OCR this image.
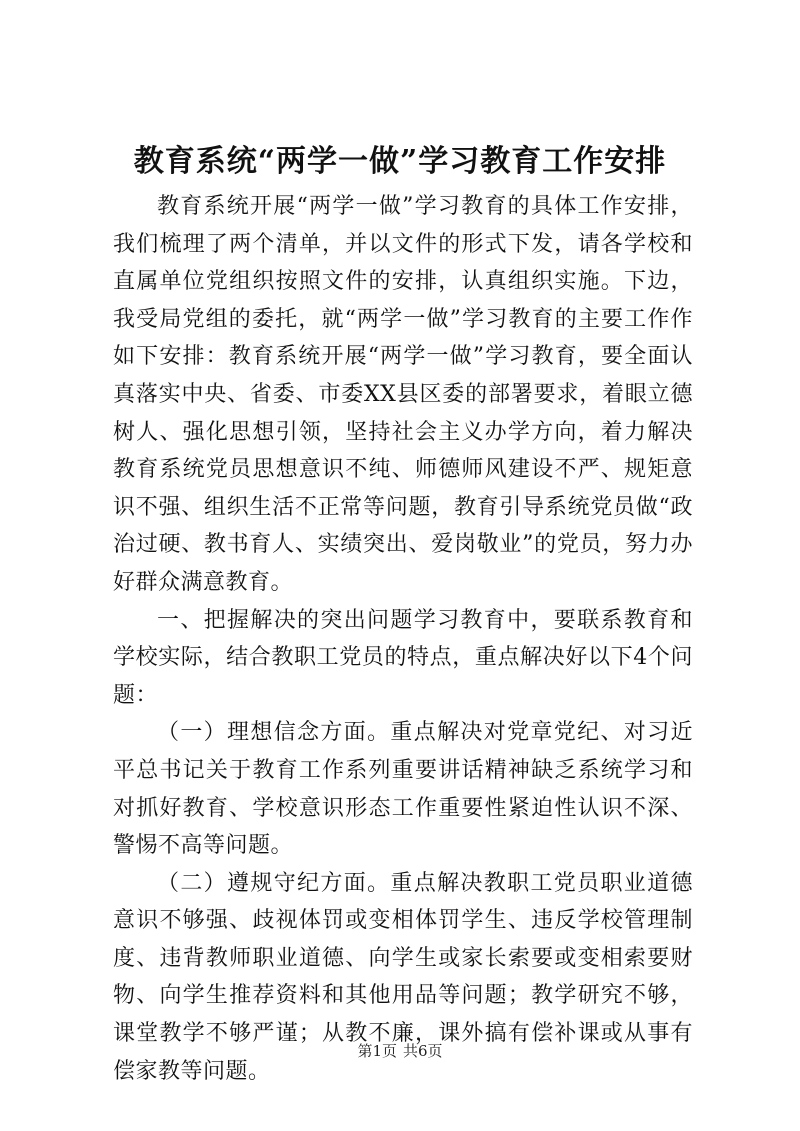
教育系统“两学一做”学习教育工作安排

教育系统开展“两学一做”学习教育的具体工作安排，我们梳理了两个清单，并以文件的形式下发，请各学校和直属单位党组织按照文件的安排，认真组织实施。下边，我受局党组的委托，就“两学一做”学习教育的主要工作作如下安排：教育系统开展“两学一做”学习教育，要全面认真落实中央、省委、市委XX县区委的部署要求，着眼立德树人、强化思想引领，坚持社会主义办学方向，着力解决教育系统党员思想意识不纯、师德师风建设不严、规矩意识不强、组织生活不正常等问题，教育引导系统党员做“政治过硬、教书育人、实绩突出、爱岗敬业”的党员，努力办好群众满意教育。

一、把握解决的突出问题学习教育中，要联系教育和学校实际，结合教职工党员的特点，重点解决好以下4个问题：

（一）理想信念方面。重点解决对党章党纪、对习近平总书记关于教育工作系列重要讲话精神缺乏系统学习和对抓好教育、学校意识形态工作重要性紧迫性认识不深、警惕不高等问题。

（二）遵规守纪方面。重点解决教职工党员职业道德意识不够强、歧视体罚或变相体罚学生、违反学校管理制度、违背教师职业道德、向学生或家长索要或变相索要财物、向学生推荐资料和其他用品等问题；教学研究不够，课堂教学不够严谨；从教不廉，课外搞有偿补课或从事有偿家教等问题。

第1页 共6页
